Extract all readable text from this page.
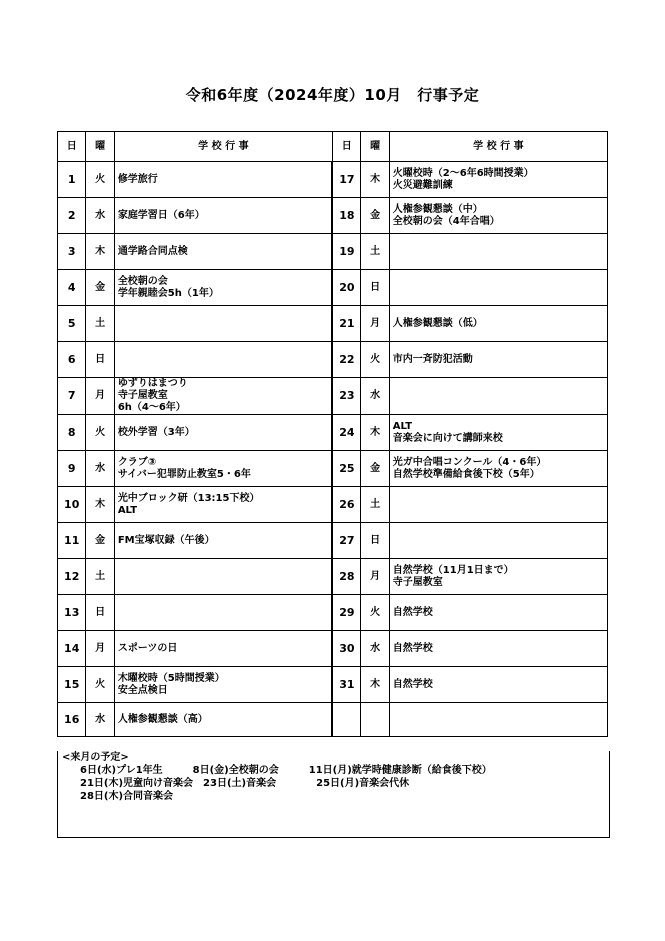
令和6年度（2024年度）10月　行事予定
日	曜	学 校 行 事	日	曜	学 校 行 事
1	火	修学旅行	17	木	火曜校時（2～6年6時間授業）
火災避難訓練
2	水	家庭学習日（6年）	18	金	人権参観懇談（中）
全校朝の会（4年合唱）
3	木	通学路合同点検	19	土	
4	金	全校朝の会
学年親睦会5h（1年）	20	日	
5	土		21	月	人権参観懇談（低）
6	日		22	火	市内一斉防犯活動
7	月	ゆずりはまつり
寺子屋教室
6h（4～6年）	23	水	
8	火	校外学習（3年）	24	木	ALT
音楽会に向けて講師来校
9	水	クラブ③
サイバー犯罪防止教室5・6年	25	金	光ガ中合唱コンクール（4・6年）
自然学校準備給食後下校（5年）
10	木	光中ブロック研（13:15下校）
ALT	26	土	
11	金	FM宝塚収録（午後）	27	日	
12	土		28	月	自然学校（11月1日まで）
寺子屋教室
13	日		29	火	自然学校
14	月	スポーツの日	30	水	自然学校
15	火	木曜校時（5時間授業）
安全点検日	31	木	自然学校
16	水	人権参観懇談（高）			
<来月の予定>
　　6日(水)プレ1年生　　　8日(金)全校朝の会　　　11日(月)就学時健康診断（給食後下校）
　　21日(木)児童向け音楽会　23日(土)音楽会　　　　25日(月)音楽会代休
　　28日(木)合同音楽会
